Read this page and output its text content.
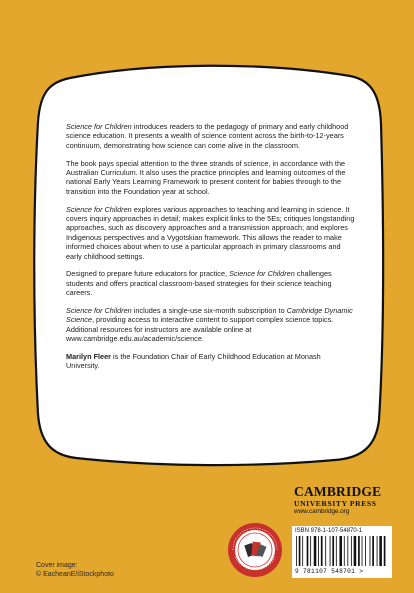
Science for Children introduces readers to the pedagogy of primary and early childhood science education. It presents a wealth of science content across the birth-to-12-years continuum, demonstrating how science can come alive in the classroom.

The book pays special attention to the three strands of science, in accordance with the Australian Curriculum. It also uses the practice principles and learning outcomes of the national Early Years Learning Framework to present content for babies through to the transition into the Foundation year at school.

Science for Children explores various approaches to teaching and learning in science. It covers inquiry approaches in detail; makes explicit links to the 5Es; critiques longstanding approaches, such as discovery approaches and a transmission approach; and explores Indigenous perspectives and a Vygotskian framework. This allows the reader to make informed choices about when to use a particular approach in primary classrooms and early childhood settings.

Designed to prepare future educators for practice, Science for Children challenges students and offers practical classroom-based strategies for their science teaching careers.

Science for Children includes a single-use six-month subscription to Cambridge Dynamic Science, providing access to interactive content to support complex science topics. Additional resources for instructors are available online at www.cambridge.edu.au/academic/science.

Marilyn Fleer is the Foundation Chair of Early Childhood Education at Monash University.

CAMBRIDGE
UNIVERSITY PRESS
www.cambridge.org
ISBN 978-1-107-54870-1
9 781107 548701 >
Cover image:
© EacheanE/iStockphoto
